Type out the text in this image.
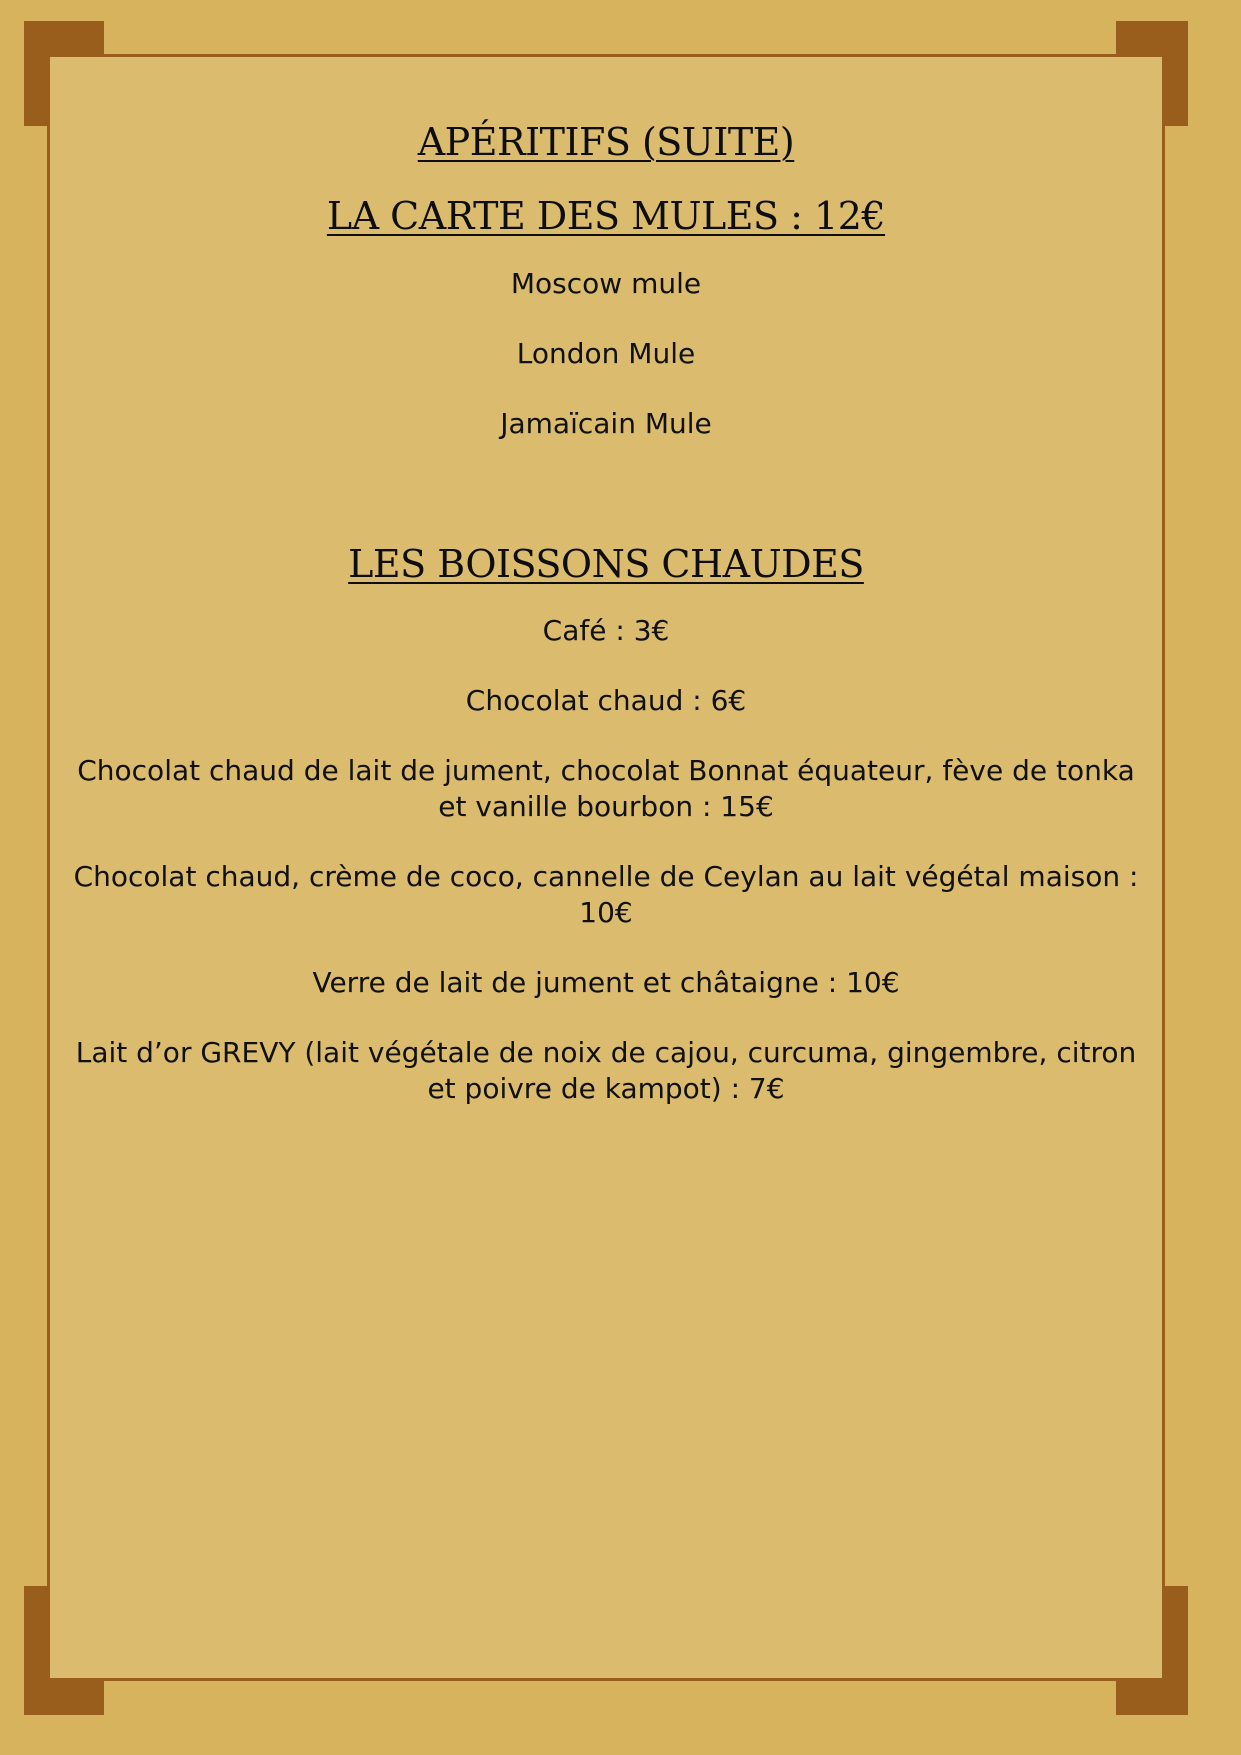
APÉRITIFS (SUITE)
LA CARTE DES MULES : 12€

Moscow mule

London Mule

Jamaïcain Mule

LES BOISSONS CHAUDES

Café : 3€

Chocolat chaud : 6€

Chocolat chaud de lait de jument, chocolat Bonnat équateur, fève de tonka

et vanille bourbon : 15€

Chocolat chaud, crème de coco, cannelle de Ceylan au lait végétal maison : 10€

Verre de lait de jument et châtaigne : 10€

Lait d’or GREVY (lait végétale de noix de cajou, curcuma, gingembre, citron

et poivre de kampot) : 7€
